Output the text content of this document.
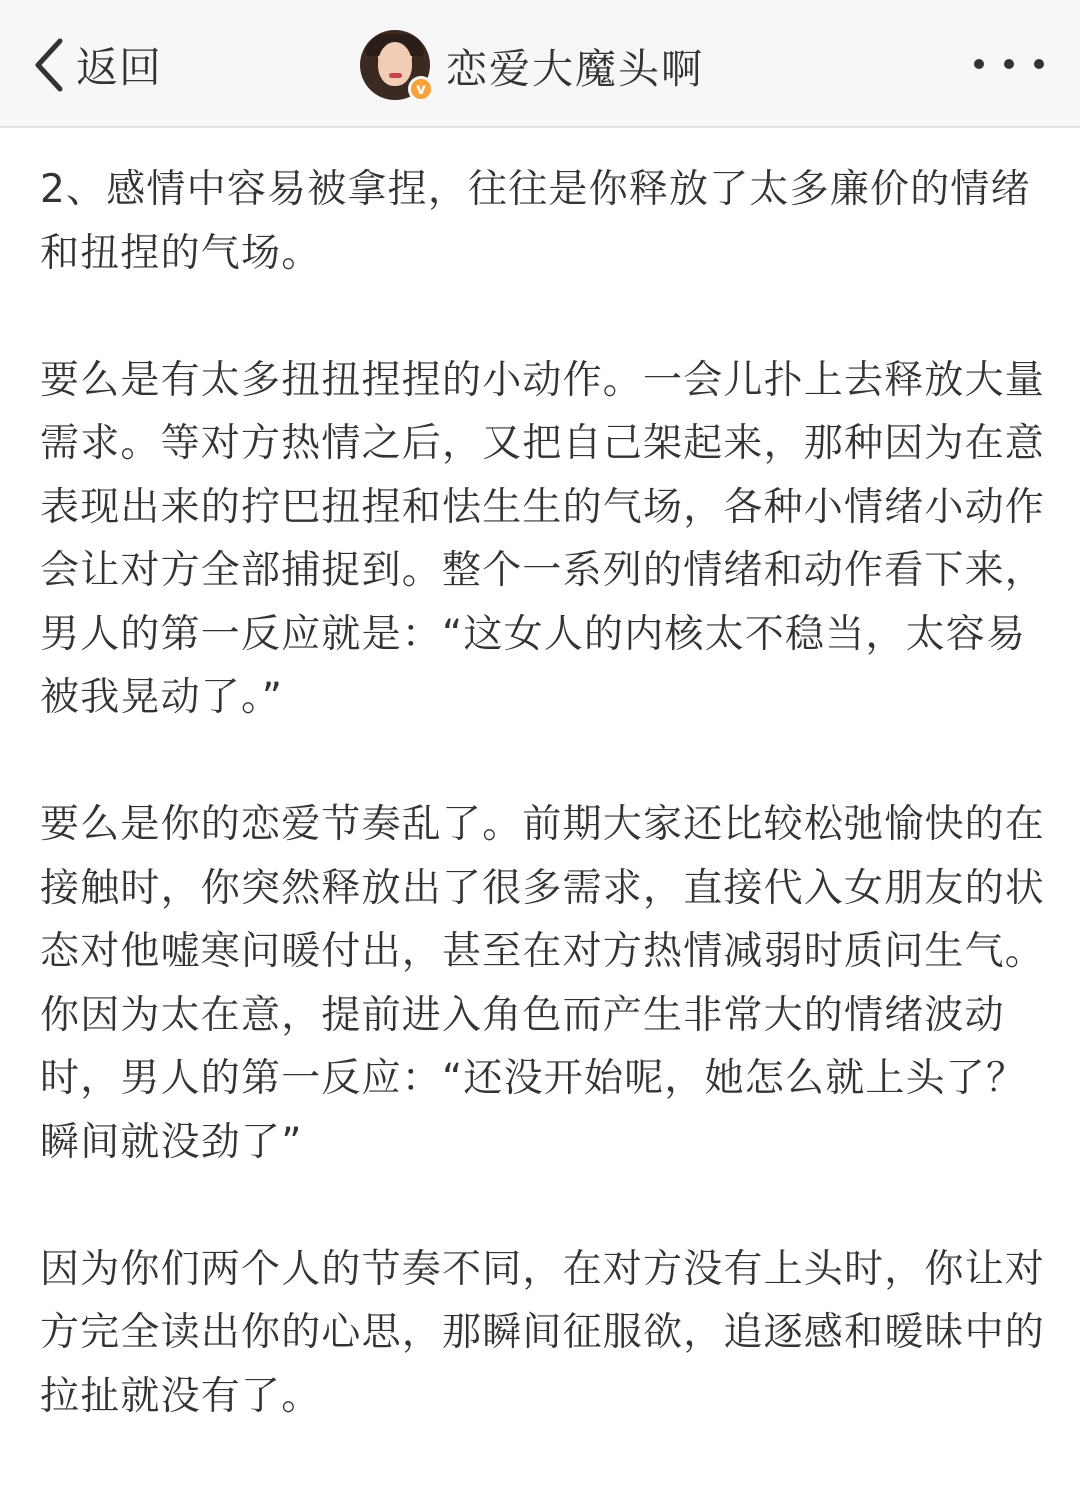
返回	v 恋爱大魔头啊

2、感情中容易被拿捏，往往是你释放了太多廉价的情绪和扭捏的气场。

要么是有太多扭扭捏捏的小动作。一会儿扑上去释放大量需求。等对方热情之后，又把自己架起来，那种因为在意表现出来的拧巴扭捏和怯生生的气场，各种小情绪小动作会让对方全部捕捉到。整个一系列的情绪和动作看下来，男人的第一反应就是：“这女人的内核太不稳当，太容易被我晃动了。”

要么是你的恋爱节奏乱了。前期大家还比较松弛愉快的在接触时，你突然释放出了很多需求，直接代入女朋友的状态对他嘘寒问暖付出，甚至在对方热情减弱时质问生气。你因为太在意，提前进入角色而产生非常大的情绪波动时，男人的第一反应：“还没开始呢，她怎么就上头了？瞬间就没劲了”

因为你们两个人的节奏不同，在对方没有上头时，你让对方完全读出你的心思，那瞬间征服欲，追逐感和暧昧中的拉扯就没有了。
